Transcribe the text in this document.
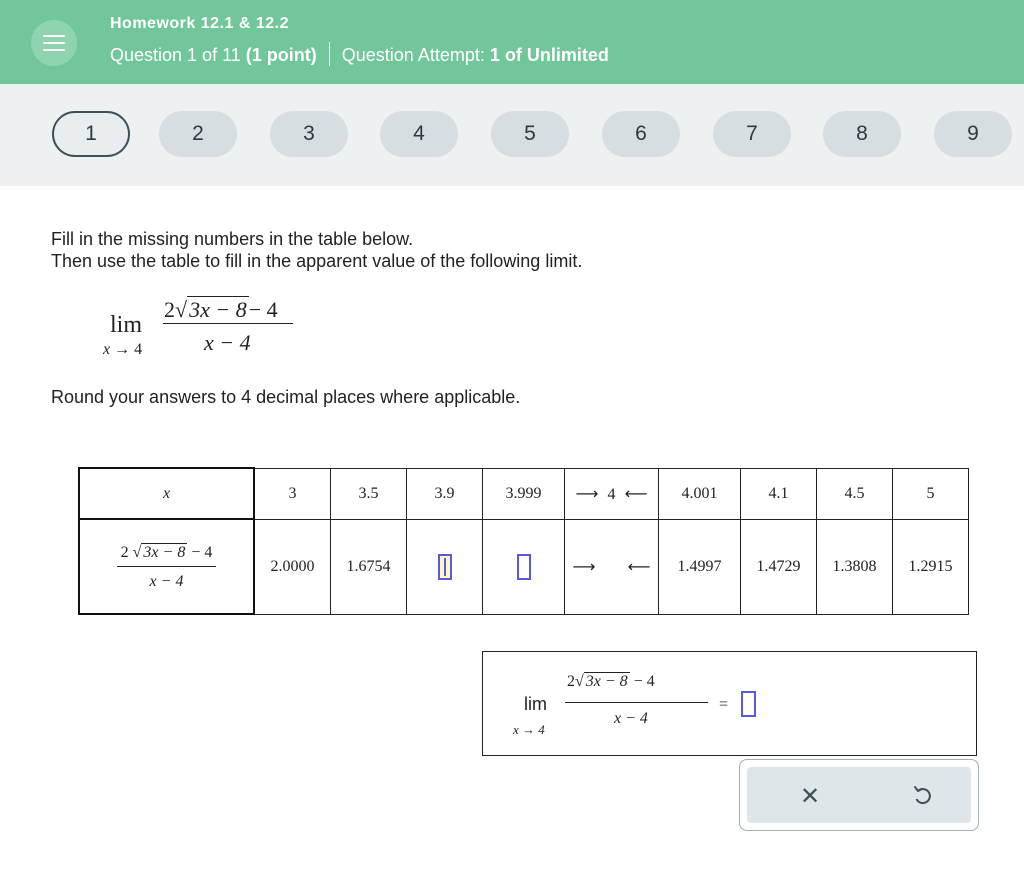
Homework 12.1 & 12.2
Question 1 of 11 (1 point) Question Attempt: 1 of Unlimited
1	2	3	4	5	6	7	8	9
Fill in the missing numbers in the table below.
Then use the table to fill in the apparent value of the following limit.
lim
x → 4
2√3x − 8− 4
x − 4
Round your answers to 4 decimal places where applicable.
x	3	3.5	3.9	3.999	⟶ 4 ⟵	4.001	4.1	4.5	5

$\frac{2 √ 3x - 8 - 4}{x - 4}$	2.0000	1.6754			⟶ ⟵	1.4997	1.4729	1.3808	1.2915
lim
x → 4
2√ 3x − 8 − 4
x − 4
=
✕
